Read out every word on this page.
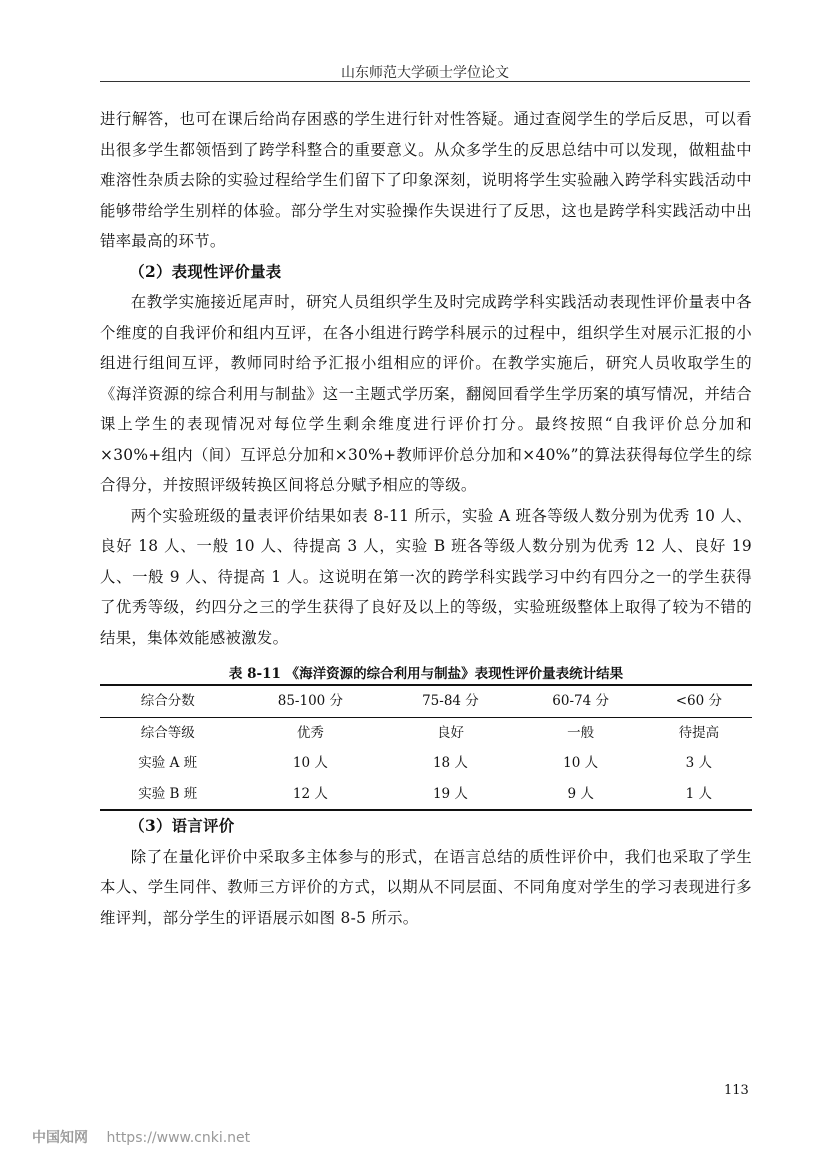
山东师范大学硕士学位论文

进行解答，也可在课后给尚存困惑的学生进行针对性答疑。通过查阅学生的学后反思，可以看出很多学生都领悟到了跨学科整合的重要意义。从众多学生的反思总结中可以发现，做粗盐中难溶性杂质去除的实验过程给学生们留下了印象深刻，说明将学生实验融入跨学科实践活动中能够带给学生别样的体验。部分学生对实验操作失误进行了反思，这也是跨学科实践活动中出错率最高的环节。

（2）表现性评价量表

在教学实施接近尾声时，研究人员组织学生及时完成跨学科实践活动表现性评价量表中各个维度的自我评价和组内互评，在各小组进行跨学科展示的过程中，组织学生对展示汇报的小组进行组间互评，教师同时给予汇报小组相应的评价。在教学实施后，研究人员收取学生的《海洋资源的综合利用与制盐》这一主题式学历案，翻阅回看学生学历案的填写情况，并结合课上学生的表现情况对每位学生剩余维度进行评价打分。最终按照“自我评价总分加和×30%+组内（间）互评总分加和×30%+教师评价总分加和×40%”的算法获得每位学生的综合得分，并按照评级转换区间将总分赋予相应的等级。

两个实验班级的量表评价结果如表 8-11 所示，实验 A 班各等级人数分别为优秀 10 人、良好 18 人、一般 10 人、待提高 3 人，实验 B 班各等级人数分别为优秀 12 人、良好 19 人、一般 9 人、待提高 1 人。这说明在第一次的跨学科实践学习中约有四分之一的学生获得了优秀等级，约四分之三的学生获得了良好及以上的等级，实验班级整体上取得了较为不错的结果，集体效能感被激发。

表 8-11 《海洋资源的综合利用与制盐》表现性评价量表统计结果
综合分数	85-100 分	75-84 分	60-74 分	<60 分
综合等级	优秀	良好	一般	待提高
实验 A 班	10 人	18 人	10 人	3 人
实验 B 班	12 人	19 人	9 人	1 人

（3）语言评价

除了在量化评价中采取多主体参与的形式，在语言总结的质性评价中，我们也采取了学生本人、学生同伴、教师三方评价的方式，以期从不同层面、不同角度对学生的学习表现进行多维评判，部分学生的评语展示如图 8-5 所示。

113
中国知网 https://www.cnki.net
